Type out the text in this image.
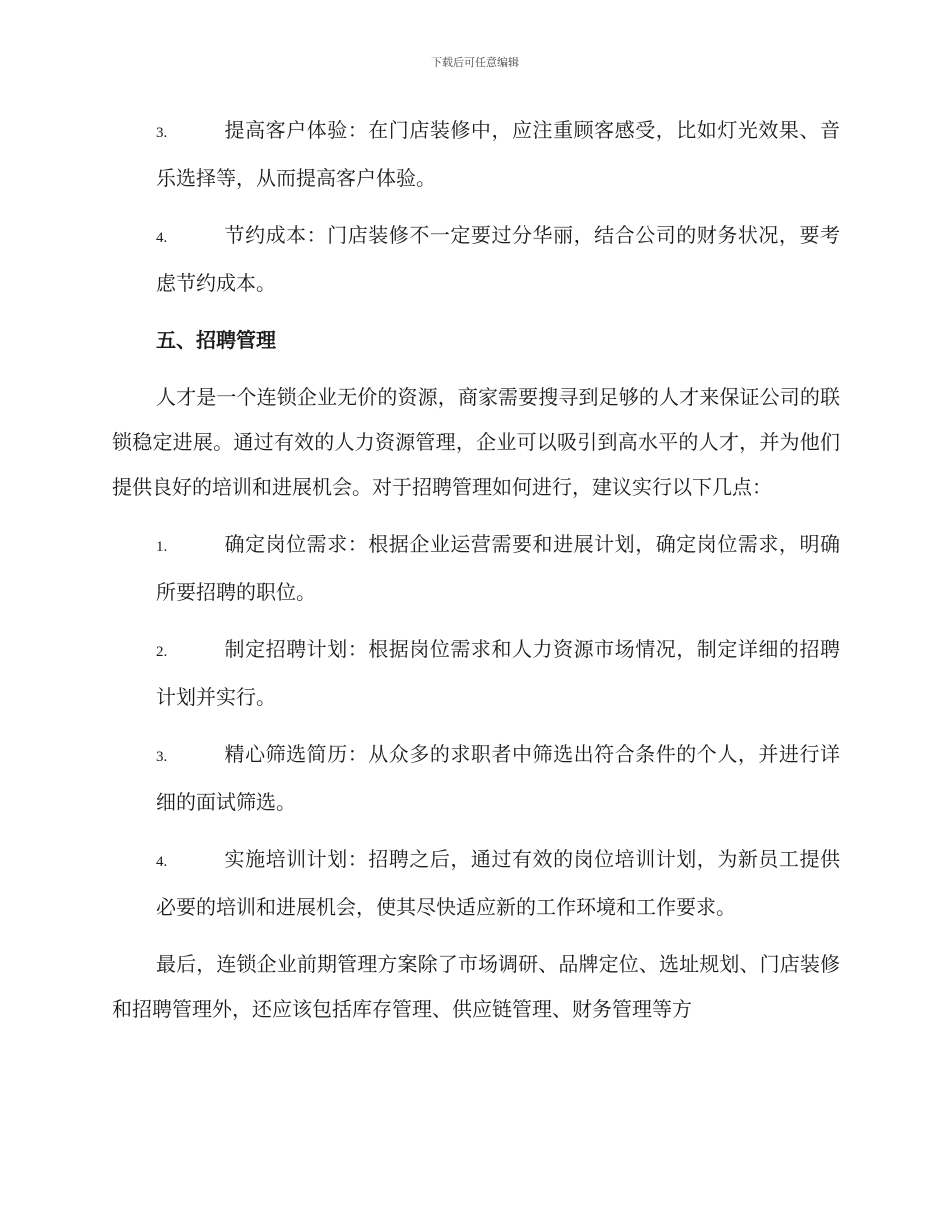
下载后可任意编辑

3.	提高客户体验：在门店装修中，应注重顾客感受，比如灯光效果、音乐选择等，从而提高客户体验。

4.	节约成本：门店装修不一定要过分华丽，结合公司的财务状况，要考虑节约成本。

五、招聘管理

人才是一个连锁企业无价的资源，商家需要搜寻到足够的人才来保证公司的联锁稳定进展。通过有效的人力资源管理，企业可以吸引到高水平的人才，并为他们提供良好的培训和进展机会。对于招聘管理如何进行，建议实行以下几点：

1.	确定岗位需求：根据企业运营需要和进展计划，确定岗位需求，明确所要招聘的职位。

2.	制定招聘计划：根据岗位需求和人力资源市场情况，制定详细的招聘计划并实行。

3.	精心筛选简历：从众多的求职者中筛选出符合条件的个人，并进行详细的面试筛选。

4.	实施培训计划：招聘之后，通过有效的岗位培训计划，为新员工提供必要的培训和进展机会，使其尽快适应新的工作环境和工作要求。

最后，连锁企业前期管理方案除了市场调研、品牌定位、选址规划、门店装修和招聘管理外，还应该包括库存管理、供应链管理、财务管理等方
